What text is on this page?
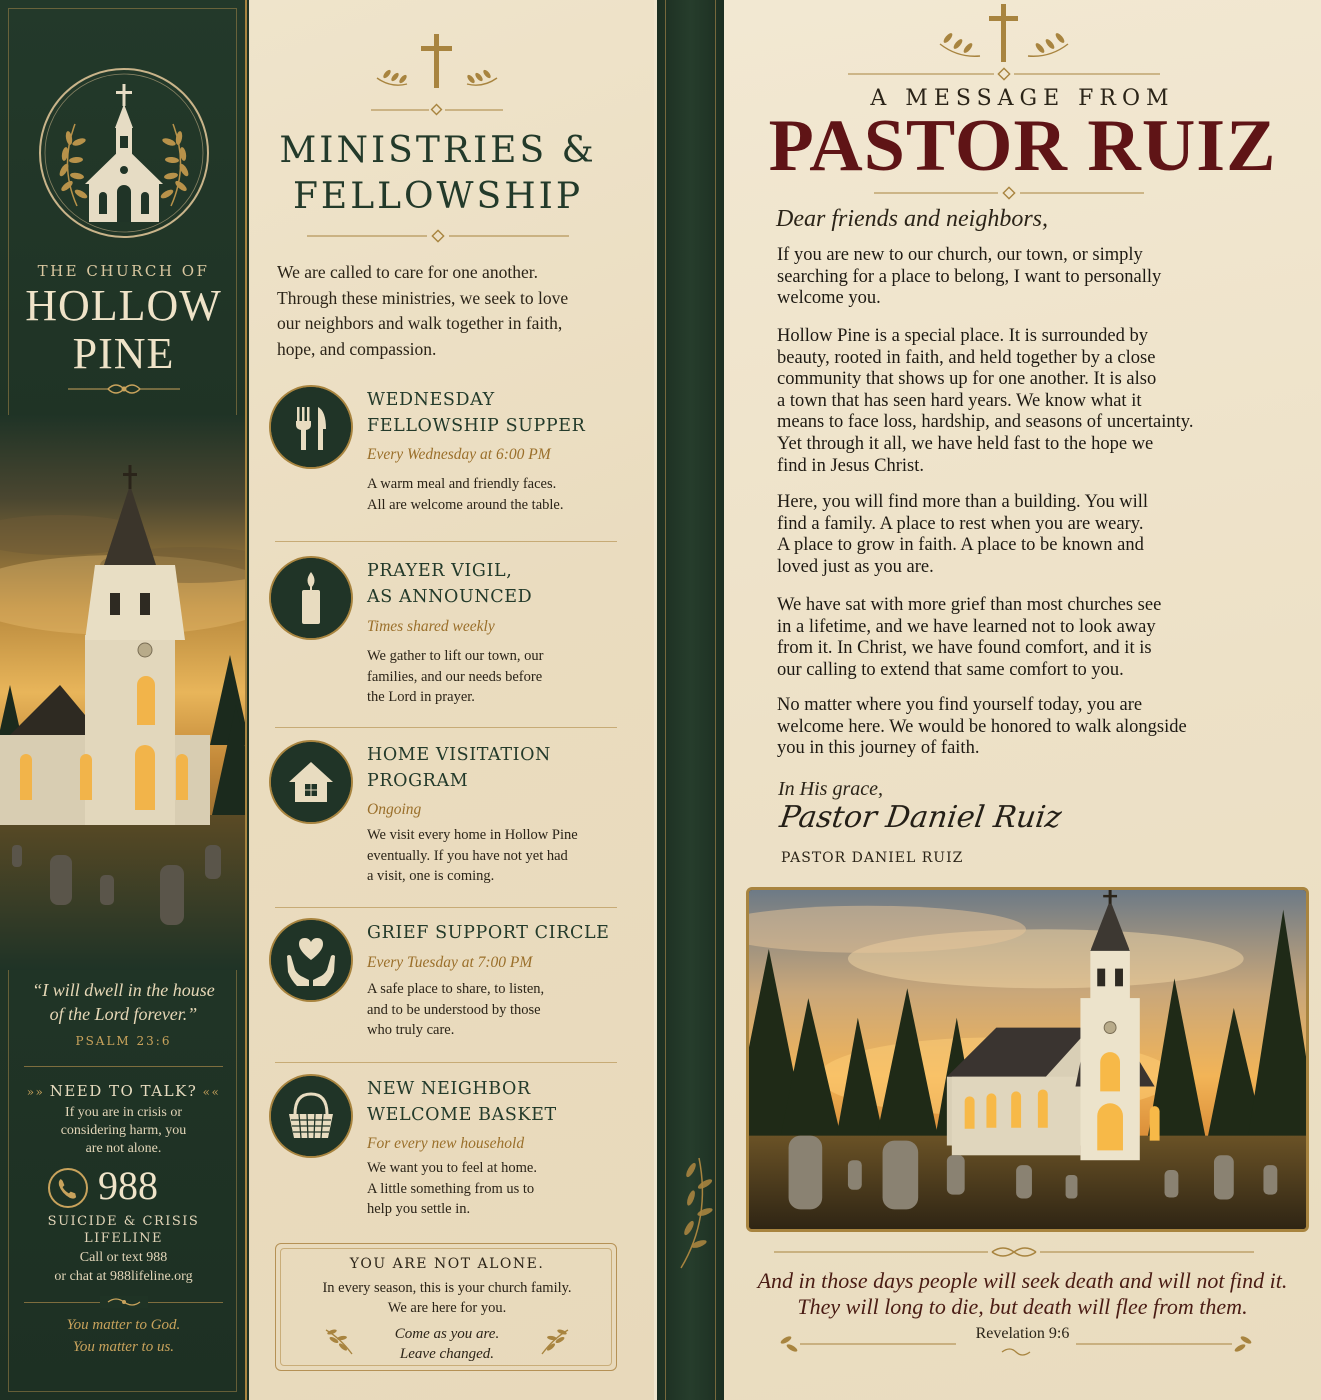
THE CHURCH OF
HOLLOW
PINE
“I will dwell in the house
of the Lord forever.”
PSALM 23:6
»» NEED TO TALK? ««
If you are in crisis or
considering harm, you
are not alone.
988
SUICIDE & CRISIS
LIFELINE
Call or text 988
or chat at 988lifeline.org
You matter to God.
You matter to us.
MINISTRIES &
FELLOWSHIP
We are called to care for one another.
Through these ministries, we seek to love
our neighbors and walk together in faith,
hope, and compassion.
WEDNESDAY
FELLOWSHIP SUPPER
Every Wednesday at 6:00 PM
A warm meal and friendly faces.
All are welcome around the table.
PRAYER VIGIL,
AS ANNOUNCED
Times shared weekly
We gather to lift our town, our
families, and our needs before
the Lord in prayer.
HOME VISITATION
PROGRAM
Ongoing
We visit every home in Hollow Pine
eventually. If you have not yet had
a visit, one is coming.
GRIEF SUPPORT CIRCLE
Every Tuesday at 7:00 PM
A safe place to share, to listen,
and to be understood by those
who truly care.
NEW NEIGHBOR
WELCOME BASKET
For every new household
We want you to feel at home.
A little something from us to
help you settle in.
YOU ARE NOT ALONE.
In every season, this is your church family.
We are here for you.
Come as you are.
Leave changed.
A MESSAGE FROM
PASTOR RUIZ
Dear friends and neighbors,
If you are new to our church, our town, or simply
searching for a place to belong, I want to personally
welcome you.
Hollow Pine is a special place. It is surrounded by
beauty, rooted in faith, and held together by a close
community that shows up for one another. It is also
a town that has seen hard years. We know what it
means to face loss, hardship, and seasons of uncertainty.
Yet through it all, we have held fast to the hope we
find in Jesus Christ.
Here, you will find more than a building. You will
find a family. A place to rest when you are weary.
A place to grow in faith. A place to be known and
loved just as you are.
We have sat with more grief than most churches see
in a lifetime, and we have learned not to look away
from it. In Christ, we have found comfort, and it is
our calling to extend that same comfort to you.
No matter where you find yourself today, you are
welcome here. We would be honored to walk alongside
you in this journey of faith.
In His grace,
Pastor Daniel Ruiz
PASTOR DANIEL RUIZ
And in those days people will seek death and will not find it.
They will long to die, but death will flee from them.
Revelation 9:6
